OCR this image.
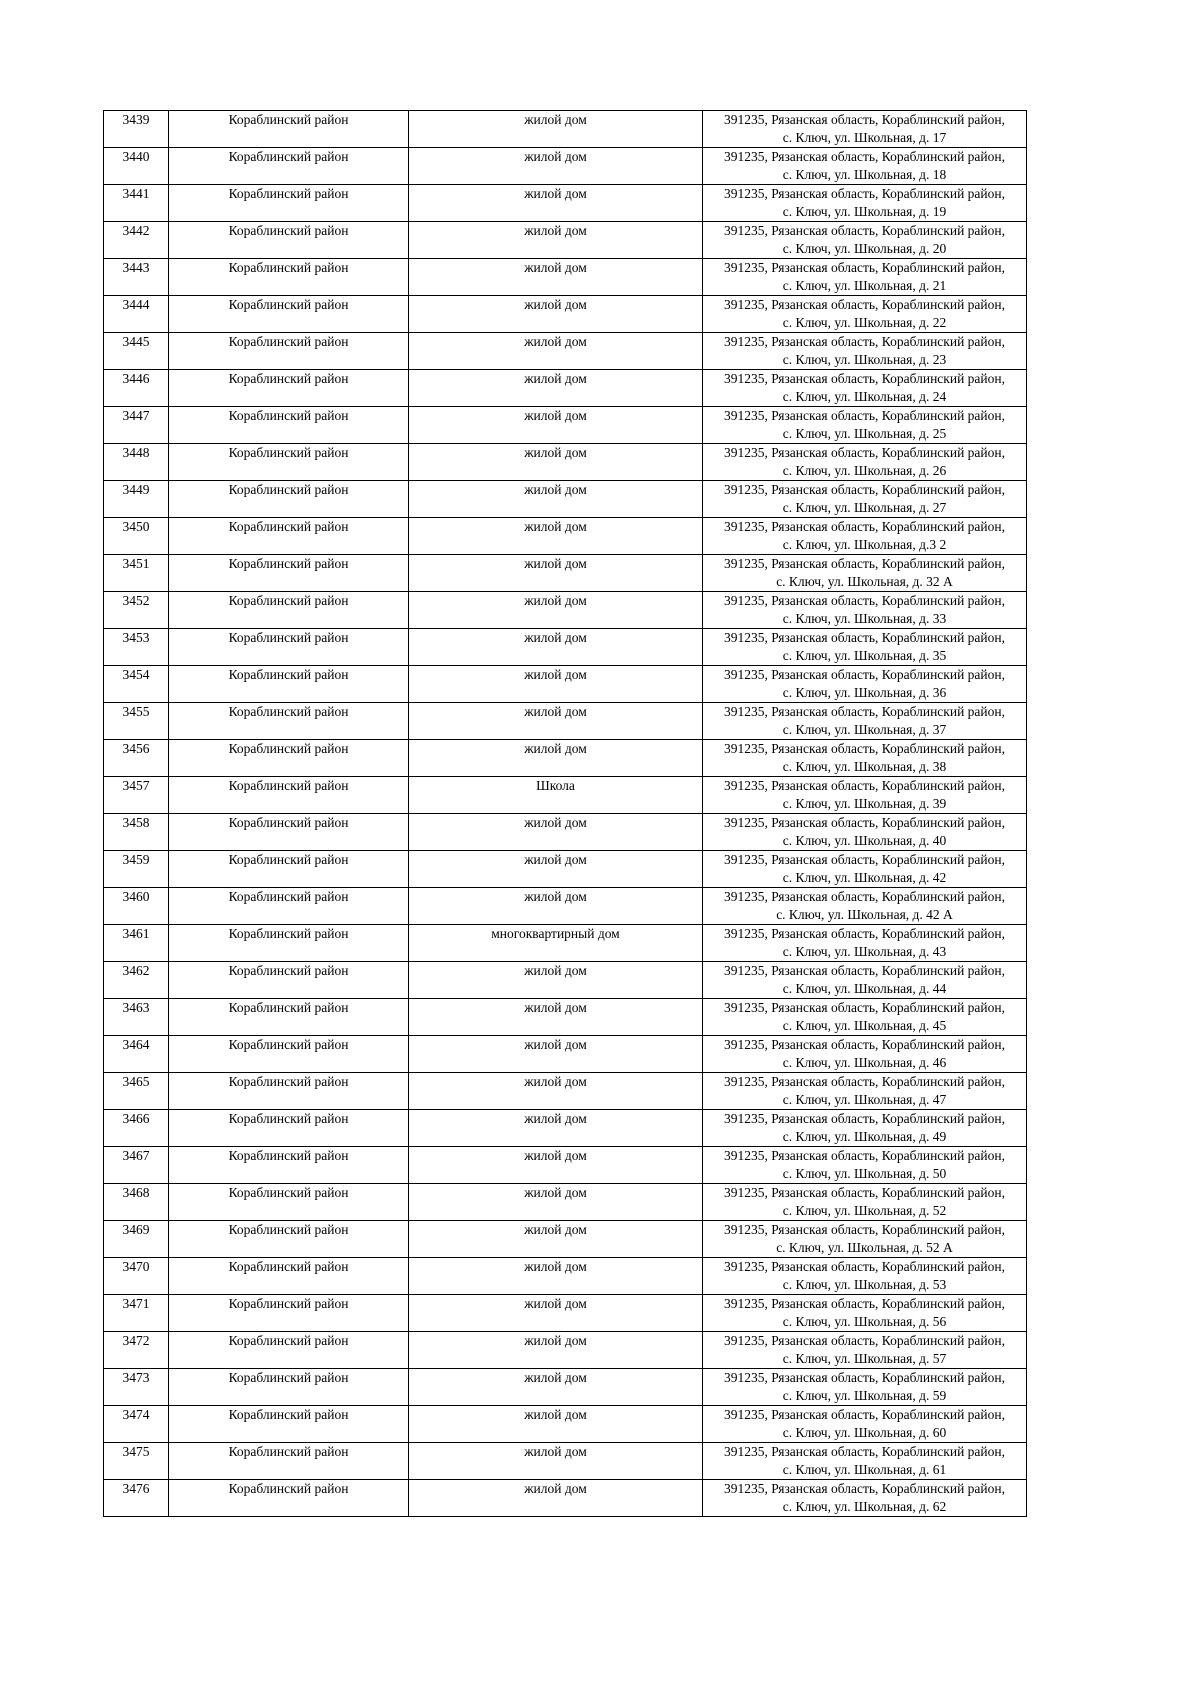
3439	Кораблинский район	жилой дом	391235, Рязанская область, Кораблинский район,
с. Ключ, ул. Школьная, д. 17

3440	Кораблинский район	жилой дом	391235, Рязанская область, Кораблинский район,
с. Ключ, ул. Школьная, д. 18

3441	Кораблинский район	жилой дом	391235, Рязанская область, Кораблинский район,
с. Ключ, ул. Школьная, д. 19

3442	Кораблинский район	жилой дом	391235, Рязанская область, Кораблинский район,
с. Ключ, ул. Школьная, д. 20

3443	Кораблинский район	жилой дом	391235, Рязанская область, Кораблинский район,
с. Ключ, ул. Школьная, д. 21

3444	Кораблинский район	жилой дом	391235, Рязанская область, Кораблинский район,
с. Ключ, ул. Школьная, д. 22

3445	Кораблинский район	жилой дом	391235, Рязанская область, Кораблинский район,
с. Ключ, ул. Школьная, д. 23

3446	Кораблинский район	жилой дом	391235, Рязанская область, Кораблинский район,
с. Ключ, ул. Школьная, д. 24

3447	Кораблинский район	жилой дом	391235, Рязанская область, Кораблинский район,
с. Ключ, ул. Школьная, д. 25

3448	Кораблинский район	жилой дом	391235, Рязанская область, Кораблинский район,
с. Ключ, ул. Школьная, д. 26

3449	Кораблинский район	жилой дом	391235, Рязанская область, Кораблинский район,
с. Ключ, ул. Школьная, д. 27

3450	Кораблинский район	жилой дом	391235, Рязанская область, Кораблинский район,
с. Ключ, ул. Школьная, д.3 2

3451	Кораблинский район	жилой дом	391235, Рязанская область, Кораблинский район,
с. Ключ, ул. Школьная, д. 32 А

3452	Кораблинский район	жилой дом	391235, Рязанская область, Кораблинский район,
с. Ключ, ул. Школьная, д. 33

3453	Кораблинский район	жилой дом	391235, Рязанская область, Кораблинский район,
с. Ключ, ул. Школьная, д. 35

3454	Кораблинский район	жилой дом	391235, Рязанская область, Кораблинский район,
с. Ключ, ул. Школьная, д. 36

3455	Кораблинский район	жилой дом	391235, Рязанская область, Кораблинский район,
с. Ключ, ул. Школьная, д. 37

3456	Кораблинский район	жилой дом	391235, Рязанская область, Кораблинский район,
с. Ключ, ул. Школьная, д. 38

3457	Кораблинский район	Школа	391235, Рязанская область, Кораблинский район,
с. Ключ, ул. Школьная, д. 39

3458	Кораблинский район	жилой дом	391235, Рязанская область, Кораблинский район,
с. Ключ, ул. Школьная, д. 40

3459	Кораблинский район	жилой дом	391235, Рязанская область, Кораблинский район,
с. Ключ, ул. Школьная, д. 42

3460	Кораблинский район	жилой дом	391235, Рязанская область, Кораблинский район,
с. Ключ, ул. Школьная, д. 42 А

3461	Кораблинский район	многоквартирный дом	391235, Рязанская область, Кораблинский район,
с. Ключ, ул. Школьная, д. 43

3462	Кораблинский район	жилой дом	391235, Рязанская область, Кораблинский район,
с. Ключ, ул. Школьная, д. 44

3463	Кораблинский район	жилой дом	391235, Рязанская область, Кораблинский район,
с. Ключ, ул. Школьная, д. 45

3464	Кораблинский район	жилой дом	391235, Рязанская область, Кораблинский район,
с. Ключ, ул. Школьная, д. 46

3465	Кораблинский район	жилой дом	391235, Рязанская область, Кораблинский район,
с. Ключ, ул. Школьная, д. 47

3466	Кораблинский район	жилой дом	391235, Рязанская область, Кораблинский район,
с. Ключ, ул. Школьная, д. 49

3467	Кораблинский район	жилой дом	391235, Рязанская область, Кораблинский район,
с. Ключ, ул. Школьная, д. 50

3468	Кораблинский район	жилой дом	391235, Рязанская область, Кораблинский район,
с. Ключ, ул. Школьная, д. 52

3469	Кораблинский район	жилой дом	391235, Рязанская область, Кораблинский район,
с. Ключ, ул. Школьная, д. 52 А

3470	Кораблинский район	жилой дом	391235, Рязанская область, Кораблинский район,
с. Ключ, ул. Школьная, д. 53

3471	Кораблинский район	жилой дом	391235, Рязанская область, Кораблинский район,
с. Ключ, ул. Школьная, д. 56

3472	Кораблинский район	жилой дом	391235, Рязанская область, Кораблинский район,
с. Ключ, ул. Школьная, д. 57

3473	Кораблинский район	жилой дом	391235, Рязанская область, Кораблинский район,
с. Ключ, ул. Школьная, д. 59

3474	Кораблинский район	жилой дом	391235, Рязанская область, Кораблинский район,
с. Ключ, ул. Школьная, д. 60

3475	Кораблинский район	жилой дом	391235, Рязанская область, Кораблинский район,
с. Ключ, ул. Школьная, д. 61

3476	Кораблинский район	жилой дом	391235, Рязанская область, Кораблинский район,
с. Ключ, ул. Школьная, д. 62
